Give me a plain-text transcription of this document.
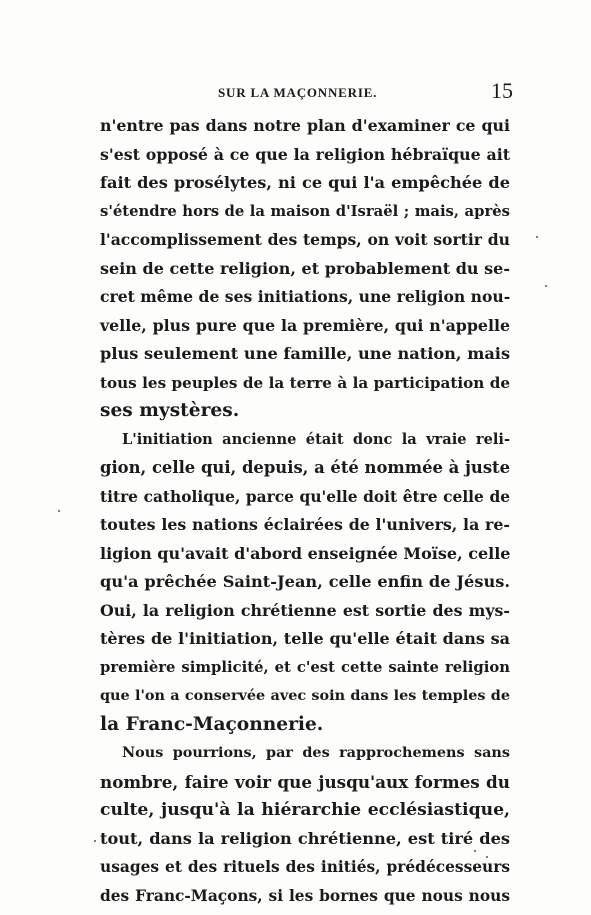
SUR LA MAÇONNERIE.	15
n'entre pas dans notre plan d'examiner ce qui
s'est opposé à ce que la religion hébraïque ait
fait des prosélytes, ni ce qui l'a empêchée de
s'étendre hors de la maison d'Israël ; mais, après
l'accomplissement des temps, on voit sortir du
sein de cette religion, et probablement du se-
cret même de ses initiations, une religion nou-
velle, plus pure que la première, qui n'appelle
plus seulement une famille, une nation, mais
tous les peuples de la terre à la participation de
ses mystères.
L'initiation ancienne était donc la vraie reli-
gion, celle qui, depuis, a été nommée à juste
titre catholique, parce qu'elle doit être celle de
toutes les nations éclairées de l'univers, la re-
ligion qu'avait d'abord enseignée Moïse, celle
qu'a prêchée Saint-Jean, celle enfin de Jésus.
Oui, la religion chrétienne est sortie des mys-
tères de l'initiation, telle qu'elle était dans sa
première simplicité, et c'est cette sainte religion
que l'on a conservée avec soin dans les temples de
la Franc-Maçonnerie.
Nous pourrions, par des rapprochemens sans
nombre, faire voir que jusqu'aux formes du
culte, jusqu'à la hiérarchie ecclésiastique,
tout, dans la religion chrétienne, est tiré des
usages et des rituels des initiés, prédécesseurs
des Franc-Maçons, si les bornes que nous nous
